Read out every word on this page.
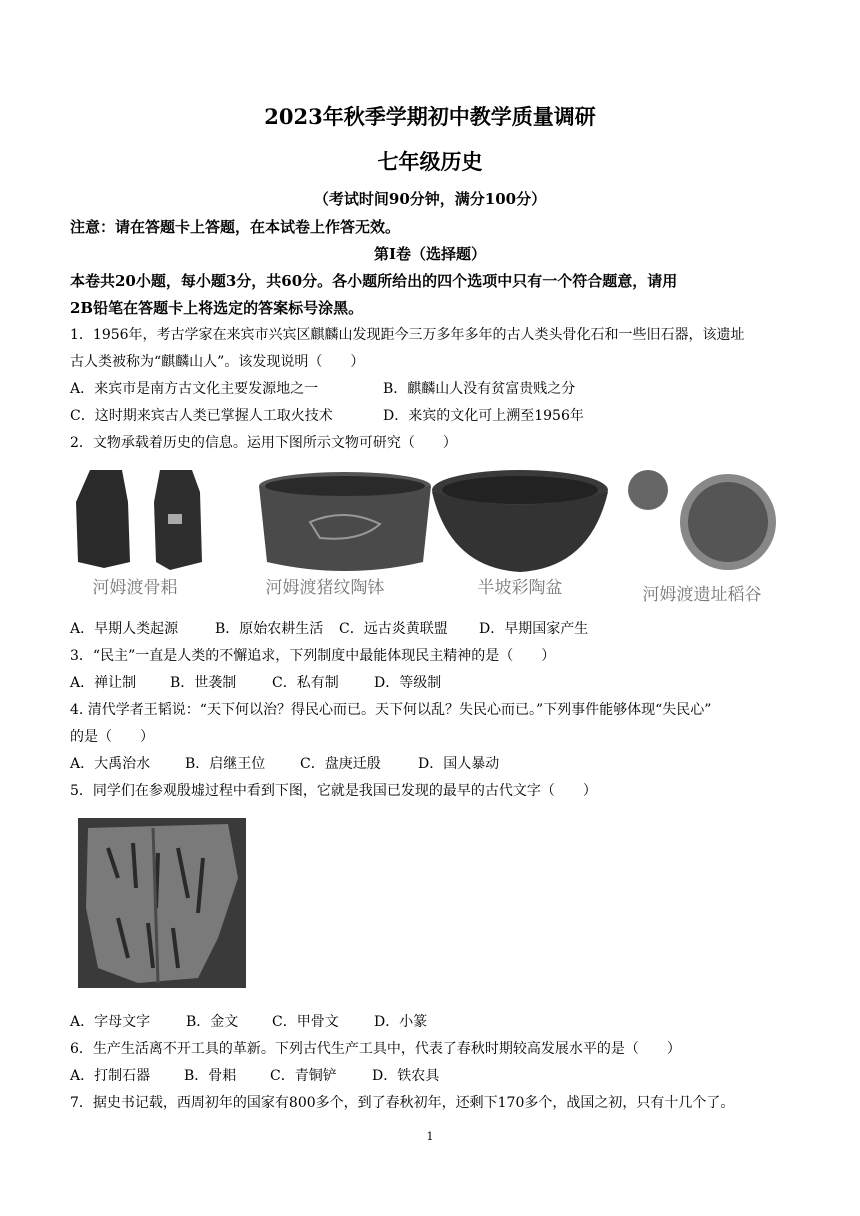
2023年秋季学期初中教学质量调研
七年级历史
（考试时间90分钟，满分100分）
注意：请在答题卡上答题，在本试卷上作答无效。
第Ⅰ卷（选择题）
本卷共20小题，每小题3分，共60分。各小题所给出的四个选项中只有一个符合题意，请用
2B铅笔在答题卡上将选定的答案标号涂黑。
1．1956年，考古学家在来宾市兴宾区麒麟山发现距今三万多年多年的古人类头骨化石和一些旧石器，该遗址
古人类被称为“麒麟山人”。该发现说明（　　）
A．来宾市是南方古文化主要发源地之一	B．麒麟山人没有贫富贵贱之分
C．这时期来宾古人类已掌握人工取火技术	D．来宾的文化可上溯至1956年
2．文物承载着历史的信息。运用下图所示文物可研究（　　）
河姆渡骨耜	河姆渡猪纹陶钵	半坡彩陶盆	河姆渡遗址稻谷
A．早期人类起源	B．原始农耕生活 C．远古炎黄联盟 D．早期国家产生
3．“民主”一直是人类的不懈追求，下列制度中最能体现民主精神的是（　　）
A．禅让制 B．世袭制	C．私有制	D．等级制
4. 清代学者王韬说：“天下何以治？得民心而已。天下何以乱？失民心而已。”下列事件能够体现“失民心”
的是（　　）
A．大禹治水 B．启继王位 C．盘庚迁殷	D．国人暴动
5．同学们在参观殷墟过程中看到下图，它就是我国已发现的最早的古代文字（　　）
A．字母文字	B．金文 C．甲骨文	D．小篆
6．生产生活离不开工具的革新。下列古代生产工具中，代表了春秋时期较高发展水平的是（　　）
A．打制石器 B．骨耜 C．青铜铲	D．铁农具
7．据史书记载，西周初年的国家有800多个，到了春秋初年，还剩下170多个，战国之初，只有十几个了。
1
